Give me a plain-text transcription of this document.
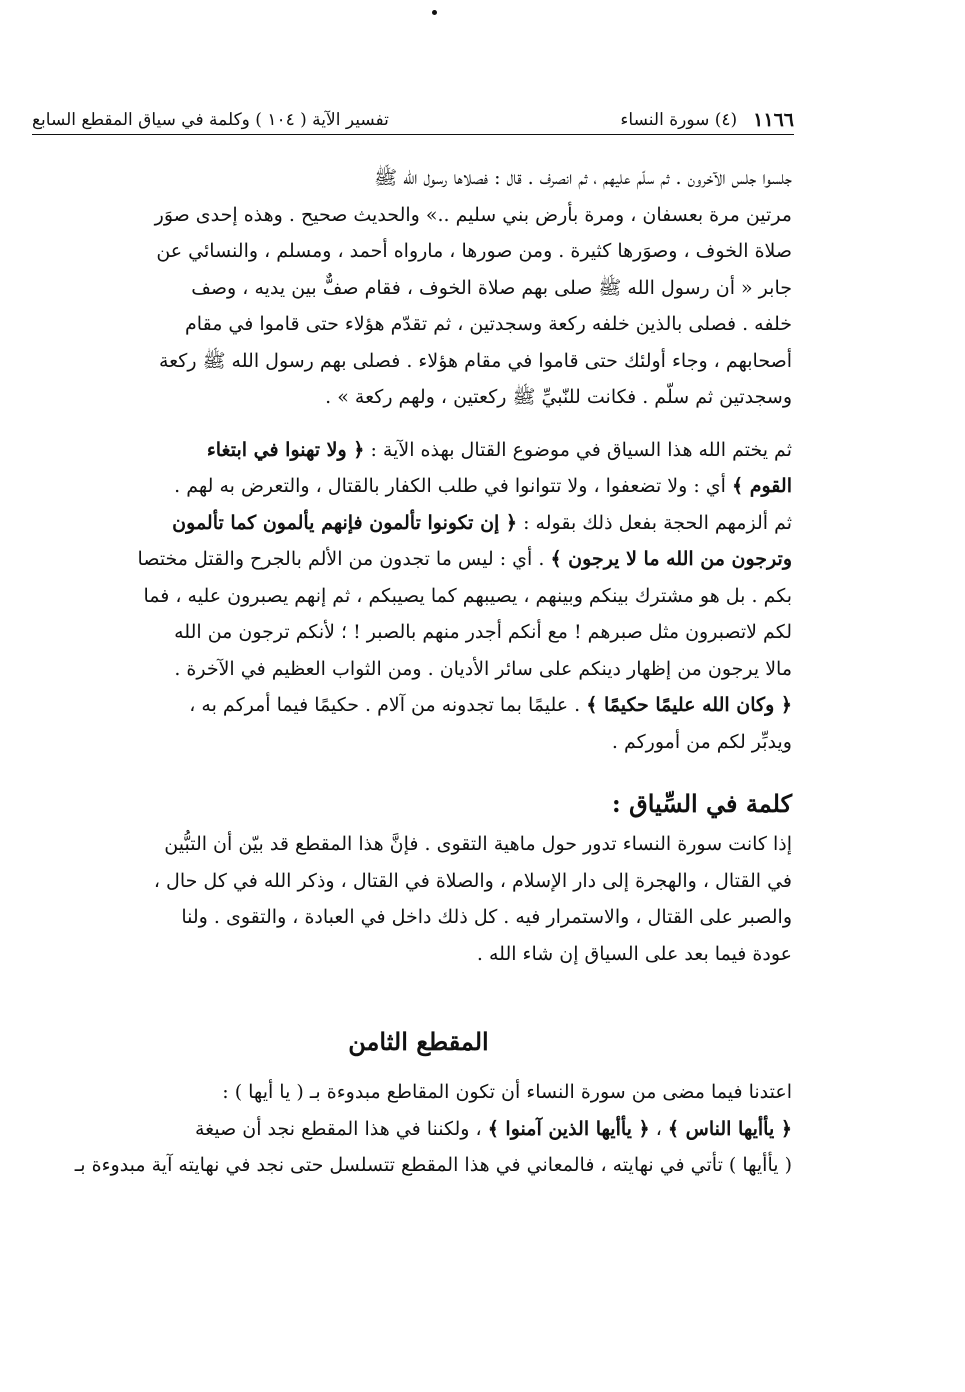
١١٦٦
(٤) سورة النساء
تفسير الآية ( ١٠٤ ) وكلمة في سياق المقطع السابع

جلسوا جلس الآخرون . ثم سلّم عليهم ، ثم انصرف . قال : فصلاها رسول الله ﷺ
مرتين مرة بعسفان ، ومرة بأرض بني سليم ..» والحديث صحيح . وهذه إحدى صوَر
صلاة الخوف ، وصوَرها كثيرة . ومن صورها ، مارواه أحمد ، ومسلم ، والنسائي عن
جابر « أن رسول الله ﷺ صلى بهم صلاة الخوف ، فقام صفٌّ بين يديه ، وصف
خلفه . فصلى بالذين خلفه ركعة وسجدتين ، ثم تقدّم هؤلاء حتى قاموا في مقام
أصحابهم ، وجاء أولئك حتى قاموا في مقام هؤلاء . فصلى بهم رسول الله ﷺ ركعة
وسجدتين ثم سلّم . فكانت للنّبيِّ ﷺ ركعتين ، ولهم ركعة » .

ثم يختم الله هذا السياق في موضوع القتال بهذه الآية : ﴿ ولا تهنوا في ابتغاء
القوم ﴾ أي : ولا تضعفوا ، ولا تتوانوا في طلب الكفار بالقتال ، والتعرض به لهم .
ثم ألزمهم الحجة بفعل ذلك بقوله : ﴿ إن تكونوا تألمون فإنهم يألمون كما تألمون
وترجون من الله ما لا يرجون ﴾ . أي : ليس ما تجدون من الألم بالجرح والقتل مختصا
بكم . بل هو مشترك بينكم وبينهم ، يصيبهم كما يصيبكم ، ثم إنهم يصبرون عليه ، فما
لكم لاتصبرون مثل صبرهم ! مع أنكم أجدر منهم بالصبر ! ؛ لأنكم ترجون من الله
مالا يرجون من إظهار دينكم على سائر الأديان . ومن الثواب العظيم في الآخرة .
﴿ وكان الله عليمًا حكيمًا ﴾ . عليمًا بما تجدونه من آلام . حكيمًا فيما أمركم به ،
ويدبِّر لكم من أموركم .

كلمة في السِّياق :

إذا كانت سورة النساء تدور حول ماهية التقوى . فإنَّ هذا المقطع قد بيّن أن التبُّين
في القتال ، والهجرة إلى دار الإسلام ، والصلاة في القتال ، وذكر الله في كل حال ،
والصبر على القتال ، والاستمرار فيه . كل ذلك داخل في العبادة ، والتقوى . ولنا
عودة فيما بعد على السياق إن شاء الله .

المقطع الثامن

اعتدنا فيما مضى من سورة النساء أن تكون المقاطع مبدوءة بـ ( يا أيها ) :
﴿ يأأيها الناس ﴾ ، ﴿ يأأيها الذين آمنوا ﴾ ، ولكننا في هذا المقطع نجد أن صيغة
( يأأيها ) تأتي في نهايته ، فالمعاني في هذا المقطع تتسلسل حتى نجد في نهايته آية مبدوءة بـ
